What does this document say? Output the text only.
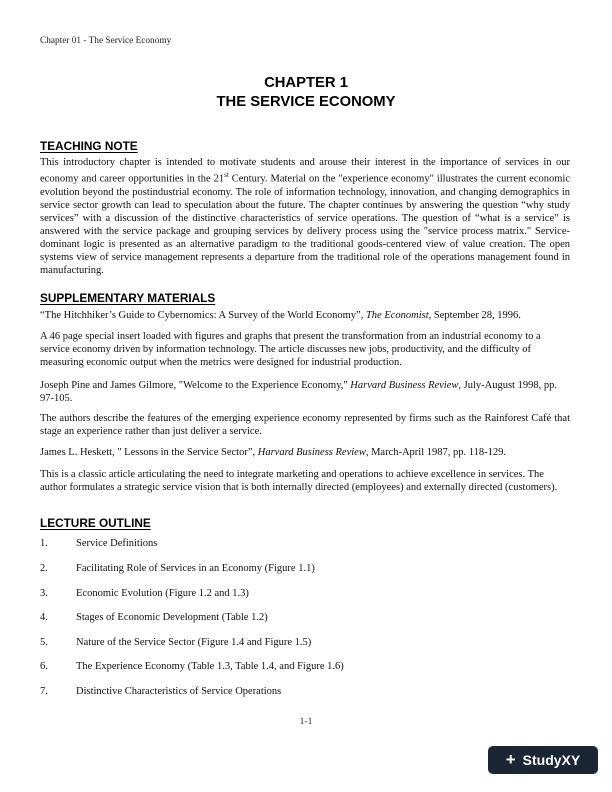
Chapter 01 - The Service Economy
CHAPTER 1
THE SERVICE ECONOMY
TEACHING NOTE

This introductory chapter is intended to motivate students and arouse their interest in the importance of services in our economy and career opportunities in the 21st Century. Material on the "experience economy" illustrates the current economic evolution beyond the postindustrial economy. The role of information technology, innovation, and changing demographics in service sector growth can lead to speculation about the future. The chapter continues by answering the question “why study services” with a discussion of the distinctive characteristics of service operations. The question of “what is a service” is answered with the service package and grouping services by delivery process using the "service process matrix." Service-dominant logic is presented as an alternative paradigm to the traditional goods-centered view of value creation. The open systems view of service management represents a departure from the traditional role of the operations management found in manufacturing.

SUPPLEMENTARY MATERIALS

“The Hitchhiker’s Guide to Cybernomics: A Survey of the World Economy”, The Economist, September 28, 1996.

A 46 page special insert loaded with figures and graphs that present the transformation from an industrial economy to a service economy driven by information technology. The article discusses new jobs, productivity, and the difficulty of measuring economic output when the metrics were designed for industrial production.

Joseph Pine and James Gilmore, "Welcome to the Experience Economy," Harvard Business Review, July-August 1998, pp. 97-105.

The authors describe the features of the emerging experience economy represented by firms such as the Rainforest Café that stage an experience rather than just deliver a service.

James L. Heskett, " Lessons in the Service Sector”, Harvard Business Review, March-April 1987, pp. 118-129.

This is a classic article articulating the need to integrate marketing and operations to achieve excellence in services. The author formulates a strategic service vision that is both internally directed (employees) and externally directed (customers).

LECTURE OUTLINE
1.	Service Definitions
2.	Facilitating Role of Services in an Economy (Figure 1.1)
3.	Economic Evolution (Figure 1.2 and 1.3)
4.	Stages of Economic Development (Table 1.2)
5.	Nature of the Service Sector (Figure 1.4 and Figure 1.5)
6.	The Experience Economy (Table 1.3, Table 1.4, and Figure 1.6)
7.	Distinctive Characteristics of Service Operations
1-1
+ StudyXY
